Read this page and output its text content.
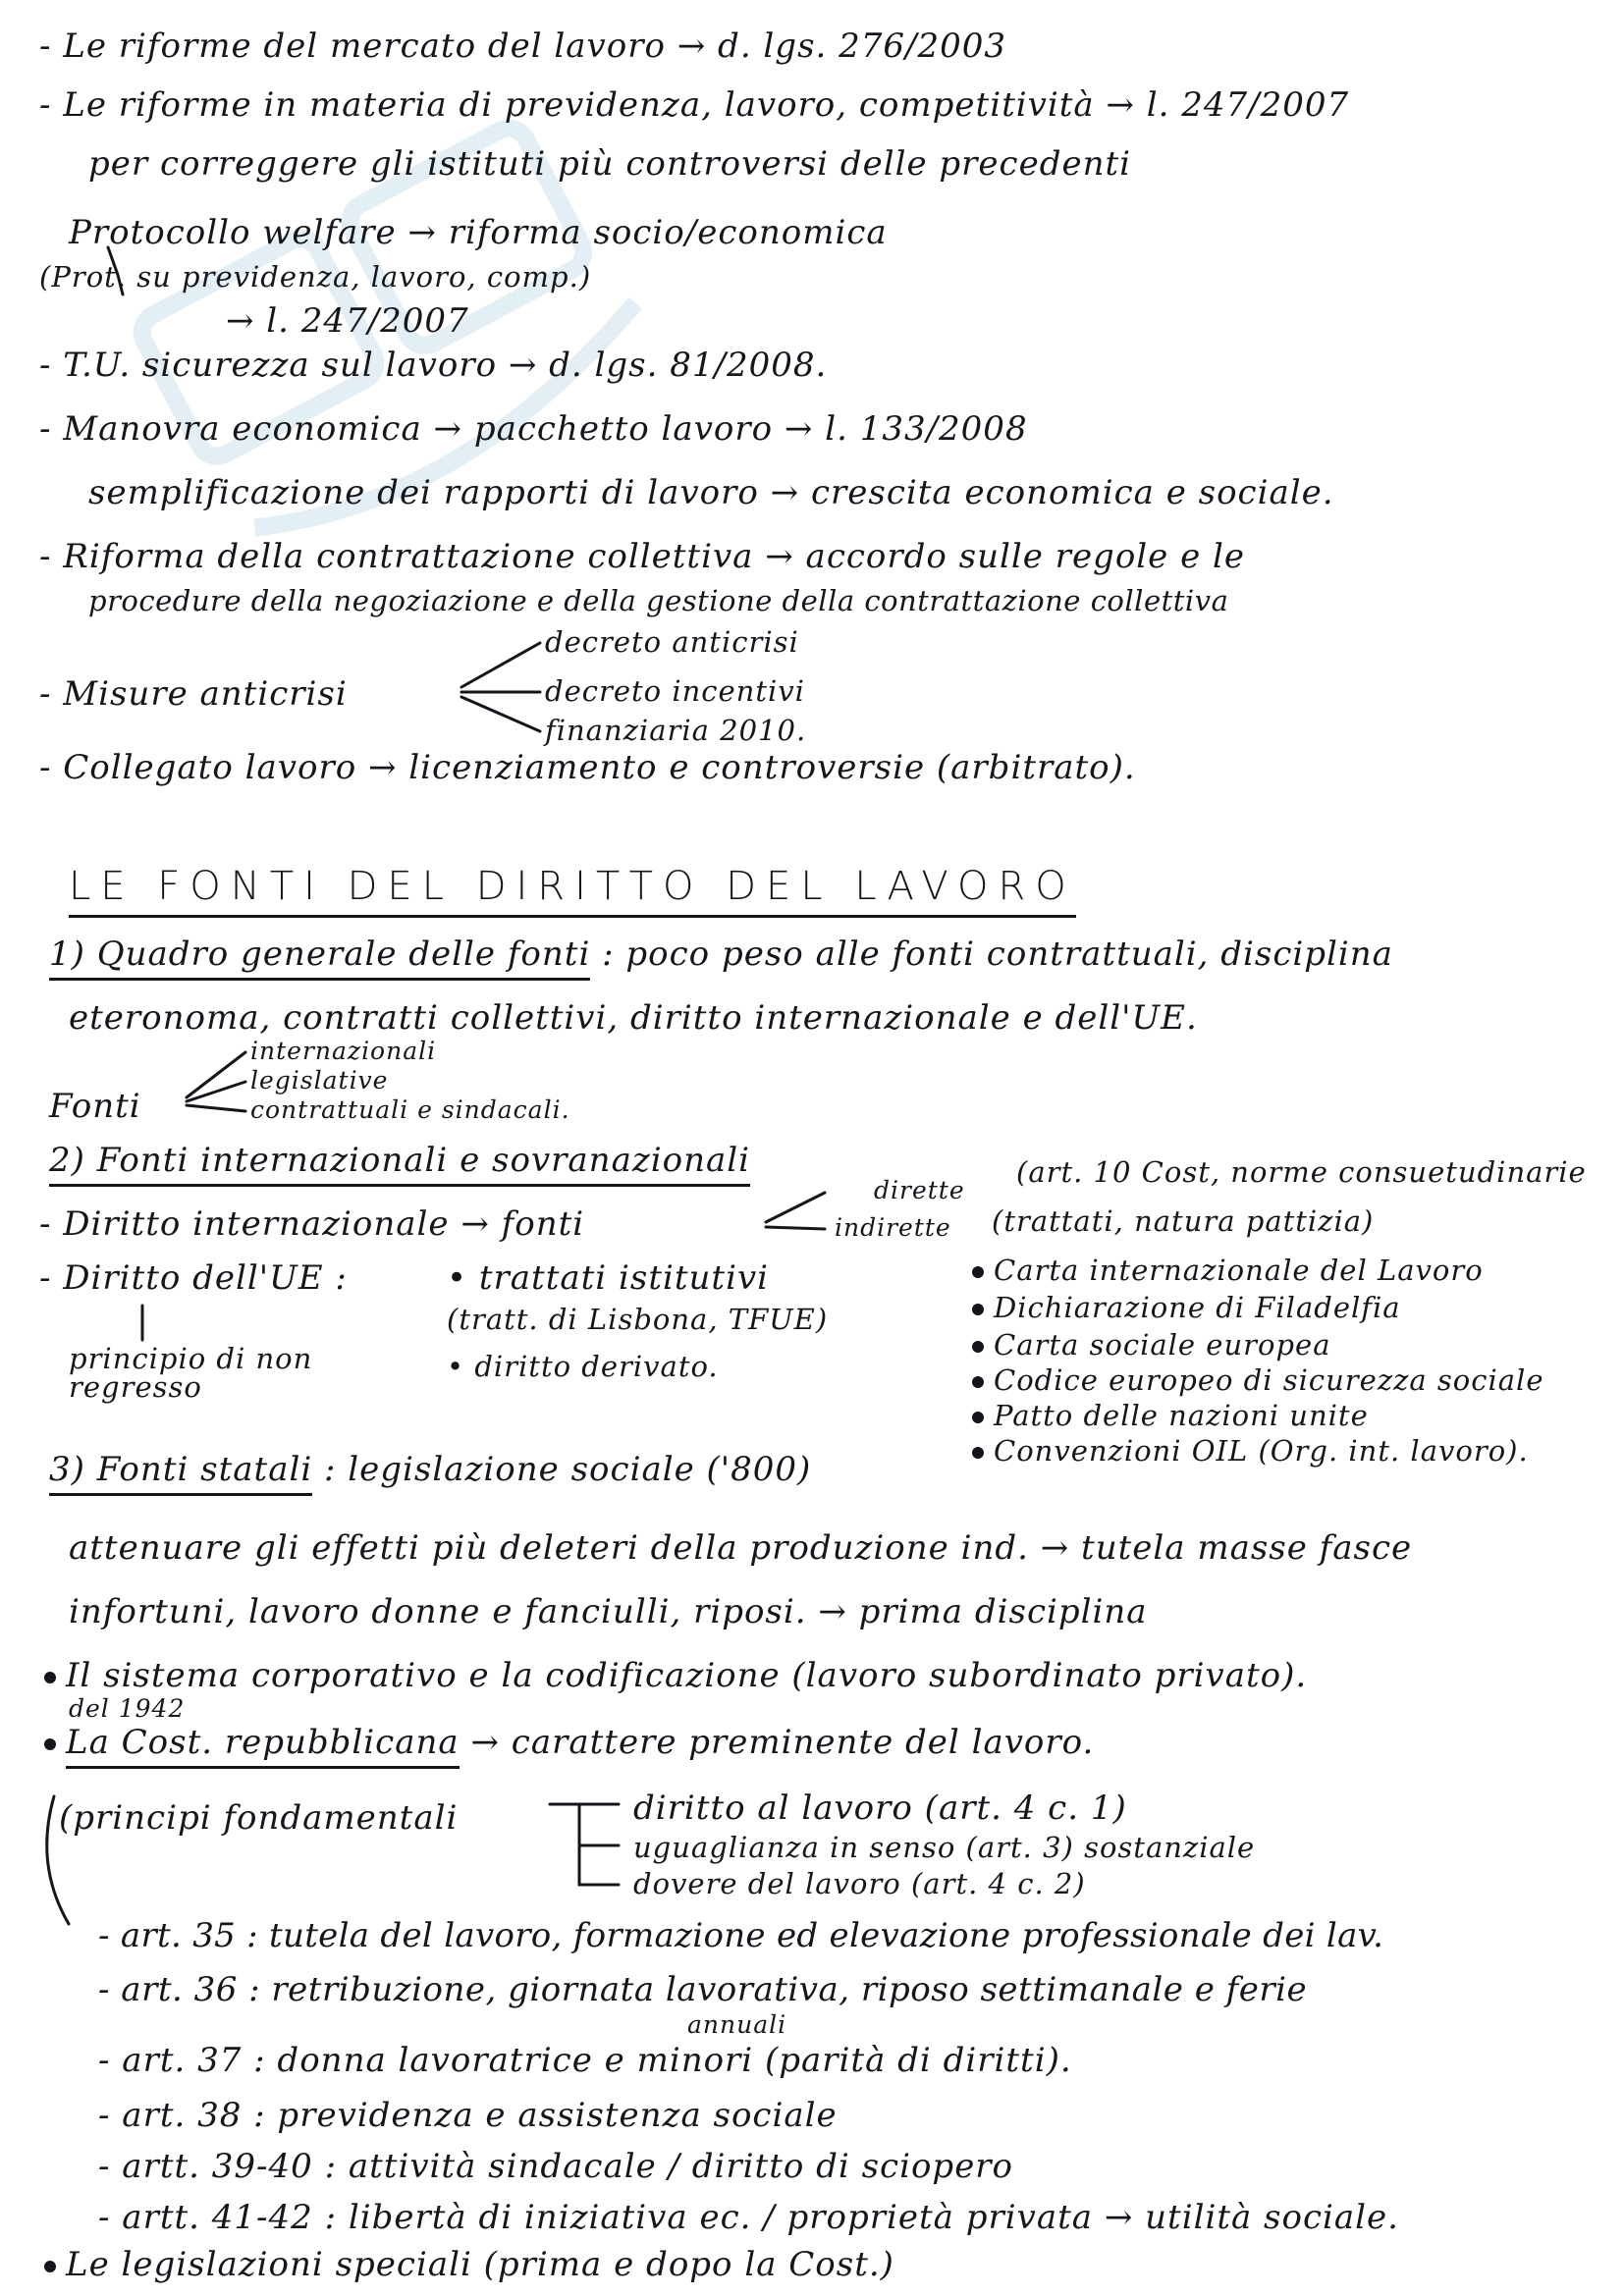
- Le riforme del mercato del lavoro → d. lgs. 276/2003
- Le riforme in materia di previdenza, lavoro, competitività → l. 247/2007
per correggere gli istituti più controversi delle precedenti
Protocollo welfare → riforma socio/economica
(Prot. su previdenza, lavoro, comp.)
→ l. 247/2007
- T.U. sicurezza sul lavoro → d. lgs. 81/2008.
- Manovra economica → pacchetto lavoro → l. 133/2008
semplificazione dei rapporti di lavoro → crescita economica e sociale.
- Riforma della contrattazione collettiva → accordo sulle regole e le
procedure della negoziazione e della gestione della contrattazione collettiva
decreto anticrisi
- Misure anticrisi	decreto incentivi
finanziaria 2010.
- Collegato lavoro → licenziamento e controversie (arbitrato).
LE FONTI DEL DIRITTO DEL LAVORO
1) Quadro generale delle fonti : poco peso alle fonti contrattuali, disciplina
eteronoma, contratti collettivi, diritto internazionale e dell'UE.
Fonti
internazionali
legislative
contrattuali e sindacali.
2) Fonti internazionali e sovranazionali	(art. 10 Cost, norme consuetudinarie
- Diritto internazionale → fonti
dirette
indirette (trattati, natura pattizia)
- Diritto dell'UE :	• trattati istitutivi
(tratt. di Lisbona, TFUE)
• diritto derivato.
principio di non regresso
Carta internazionale del Lavoro
Dichiarazione di Filadelfia
Carta sociale europea
Codice europeo di sicurezza sociale
Patto delle nazioni unite
Convenzioni OIL (Org. int. lavoro).
3) Fonti statali : legislazione sociale ('800)
attenuare gli effetti più deleteri della produzione ind. → tutela masse fasce
infortuni, lavoro donne e fanciulli, riposi. → prima disciplina
Il sistema corporativo e la codificazione (lavoro subordinato privato).
del 1942
La Cost. repubblicana → carattere preminente del lavoro.
(principi fondamentali	diritto al lavoro (art. 4 c. 1)
uguaglianza in senso (art. 3) sostanziale
dovere del lavoro (art. 4 c. 2)
- art. 35 : tutela del lavoro, formazione ed elevazione professionale dei lav.
- art. 36 : retribuzione, giornata lavorativa, riposo settimanale e ferie
annuali
- art. 37 : donna lavoratrice e minori (parità di diritti).
- art. 38 : previdenza e assistenza sociale
- artt. 39-40 : attività sindacale / diritto di sciopero
- artt. 41-42 : libertà di iniziativa ec. / proprietà privata → utilità sociale.
Le legislazioni speciali (prima e dopo la Cost.)
